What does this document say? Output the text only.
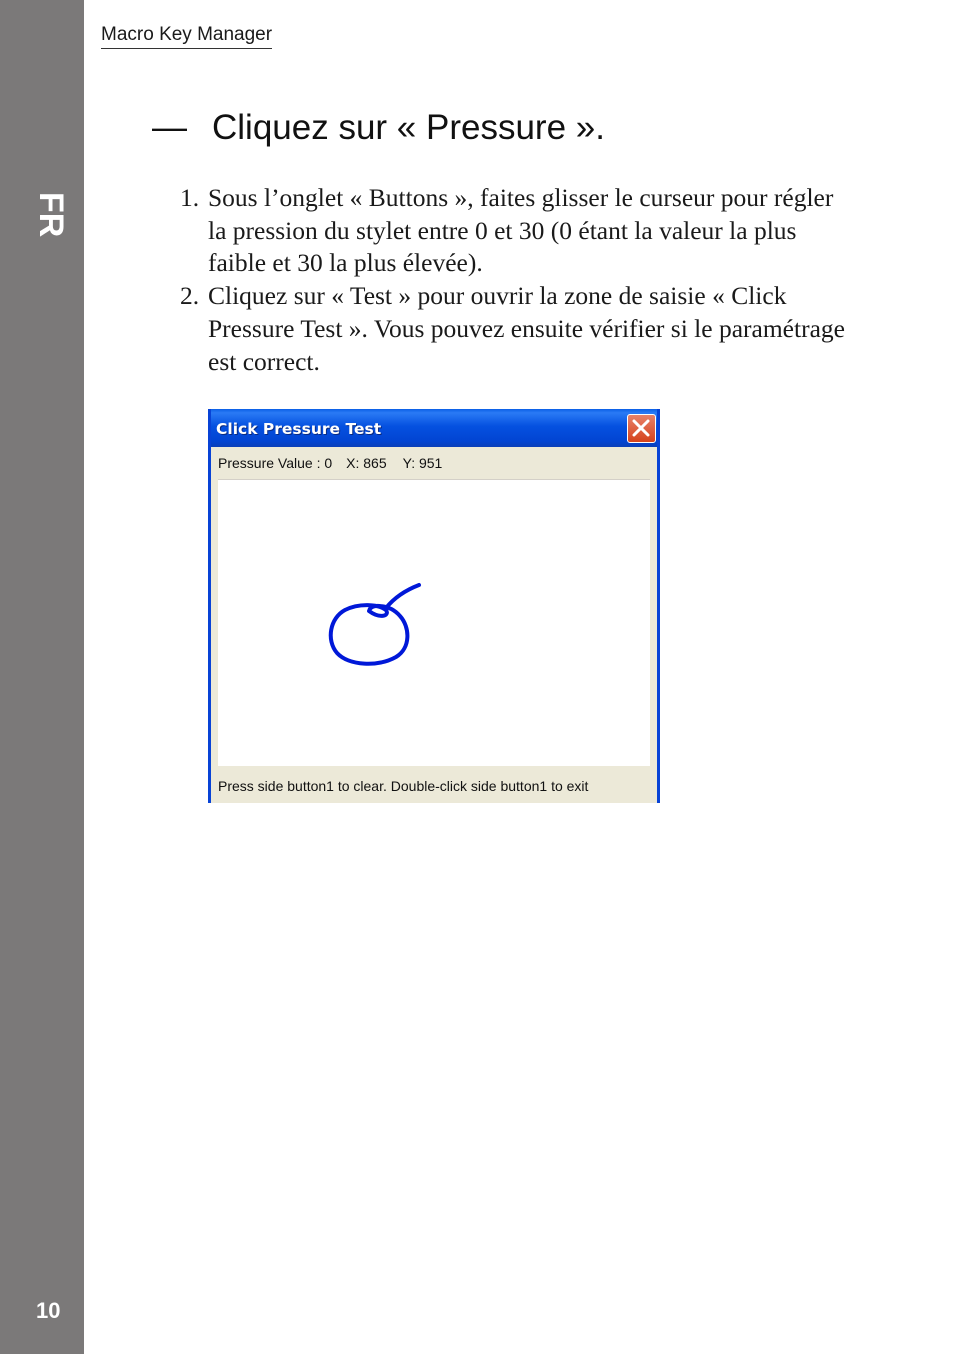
FR
10
Macro Key Manager
— Cliquez sur « Pressure ».
1. Sous l’onglet « Buttons », faites glisser le curseur pour régler la pression du stylet entre 0 et 30 (0 étant la valeur la plus faible et 30 la plus élevée).
2. Cliquez sur « Test » pour ouvrir la zone de saisie « Click Pressure Test ». Vous pouvez ensuite vérifier si le paramétrage est correct.
Click Pressure Test
Pressure Value : 0 X: 865 Y: 951
Press side button1 to clear. Double-click side button1 to exit
